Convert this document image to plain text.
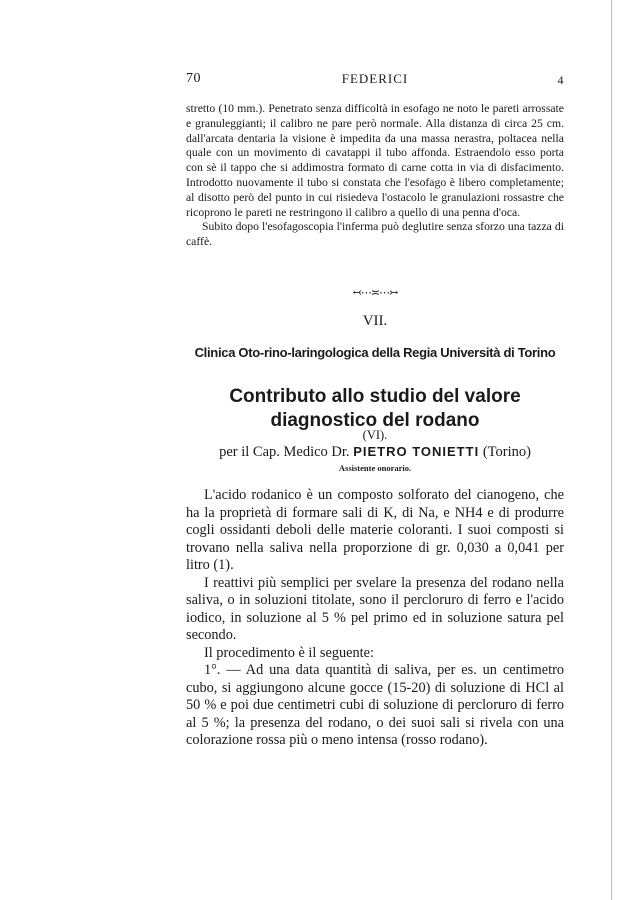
70	FEDERICI	4

stretto (10 mm.). Penetrato senza difficoltà in esofago ne noto le pareti arrossate e granuleggianti; il calibro ne pare però normale. Alla distanza di circa 25 cm. dall'arcata dentaria la visione è impedita da una massa nerastra, poltacea nella quale con un movimento di cavatappi il tubo affonda. Estraendolo esso porta con sè il tappo che si addimostra formato di carne cotta in via di disfacimento. Introdotto nuovamente il tubo si constata che l'esofago è libero completamente; al disotto però del punto in cui risiedeva l'ostacolo le granulazioni rossastre che ricoprono le pareti ne restringono il calibro a quello di una penna d'oca.

Subito dopo l'esofagoscopia l'inferma può deglutire senza sforzo una tazza di caffè.

↢⋯≍⋯↣
VII.
Clinica Oto-rino-laringologica della Regia Università di Torino
Contributo allo studio del valore diagnostico del rodano
(VI).
per il Cap. Medico Dr. PIETRO TONIETTI (Torino)
Assistente onorario.

L'acido rodanico è un composto solforato del cianogeno, che ha la proprietà di formare sali di K, di Na, e NH4 e di produrre cogli ossidanti deboli delle materie coloranti. I suoi composti si trovano nella saliva nella proporzione di gr. 0,030 a 0,041 per litro (1).

I reattivi più semplici per svelare la presenza del rodano nella saliva, o in soluzioni titolate, sono il percloruro di ferro e l'acido iodico, in soluzione al 5 % pel primo ed in soluzione satura pel secondo.

Il procedimento è il seguente:

1°. — Ad una data quantità di saliva, per es. un centimetro cubo, si aggiungono alcune gocce (15-20) di soluzione di HCl al 50 % e poi due centimetri cubi di soluzione di percloruro di ferro al 5 %; la presenza del rodano, o dei suoi sali si rivela con una colorazione rossa più o meno intensa (rosso rodano).
